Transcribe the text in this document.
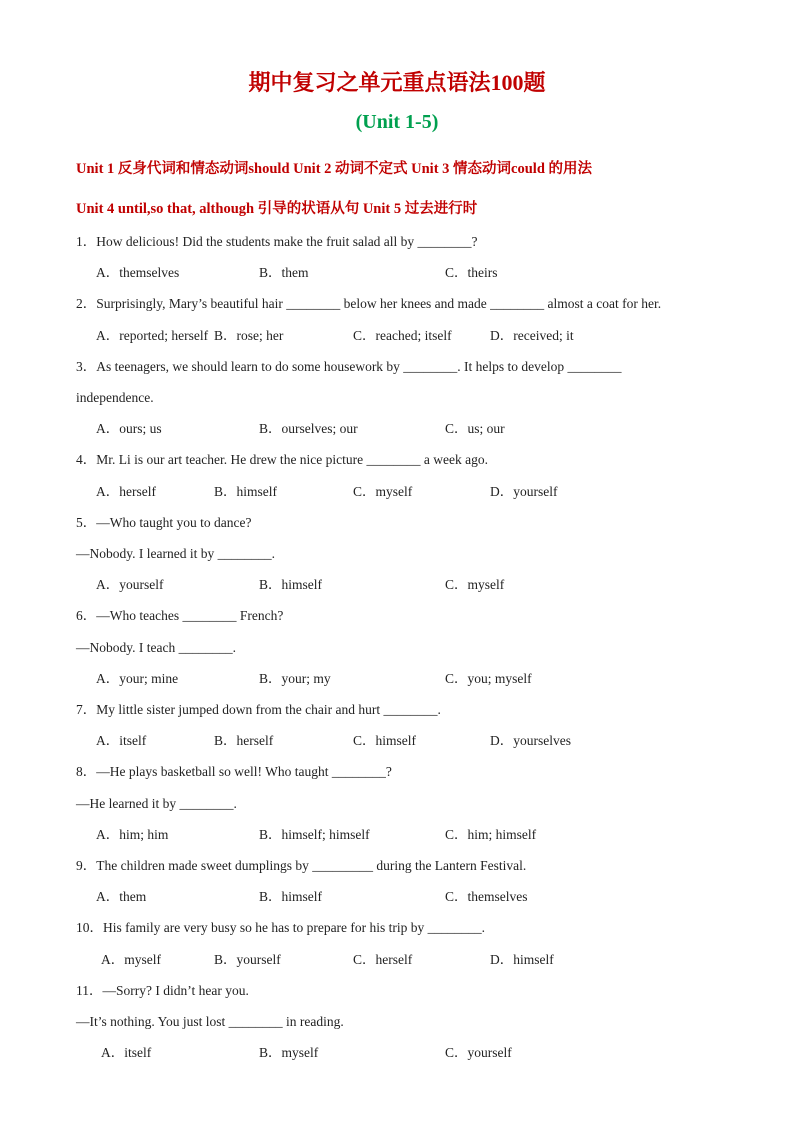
期中复习之单元重点语法100题
(Unit 1-5)
Unit 1 反身代词和情态动词should Unit 2 动词不定式 Unit 3 情态动词could 的用法
Unit 4 until,so that, although 引导的状语从句 Unit 5 过去进行时
1．How delicious! Did the students make the fruit salad all by ________?
A．themselves	B．them	C．theirs
2．Surprisingly, Mary’s beautiful hair ________ below her knees and made ________ almost a coat for her.
A．reported; herself B．rose; her	C．reached; itself	D．received; it
3．As teenagers, we should learn to do some housework by ________. It helps to develop ________
independence.
A．ours; us	B．ourselves; our	C．us; our
4．Mr. Li is our art teacher. He drew the nice picture ________ a week ago.
A．herself	B．himself	C．myself	D．yourself
5．—Who taught you to dance?
—Nobody. I learned it by ________.
A．yourself	B．himself	C．myself
6．—Who teaches ________ French?
—Nobody. I teach ________.
A．your; mine	B．your; my	C．you; myself
7．My little sister jumped down from the chair and hurt ________.
A．itself	B．herself	C．himself	D．yourselves
8．—He plays basketball so well! Who taught ________?
—He learned it by ________.
A．him; him	B．himself; himself	C．him; himself
9．The children made sweet dumplings by _________ during the Lantern Festival.
A．them	B．himself	C．themselves
10．His family are very busy so he has to prepare for his trip by ________.
A．myself	B．yourself	C．herself	D．himself
11．—Sorry? I didn’t hear you.
—It’s nothing. You just lost ________ in reading.
A．itself	B．myself	C．yourself
